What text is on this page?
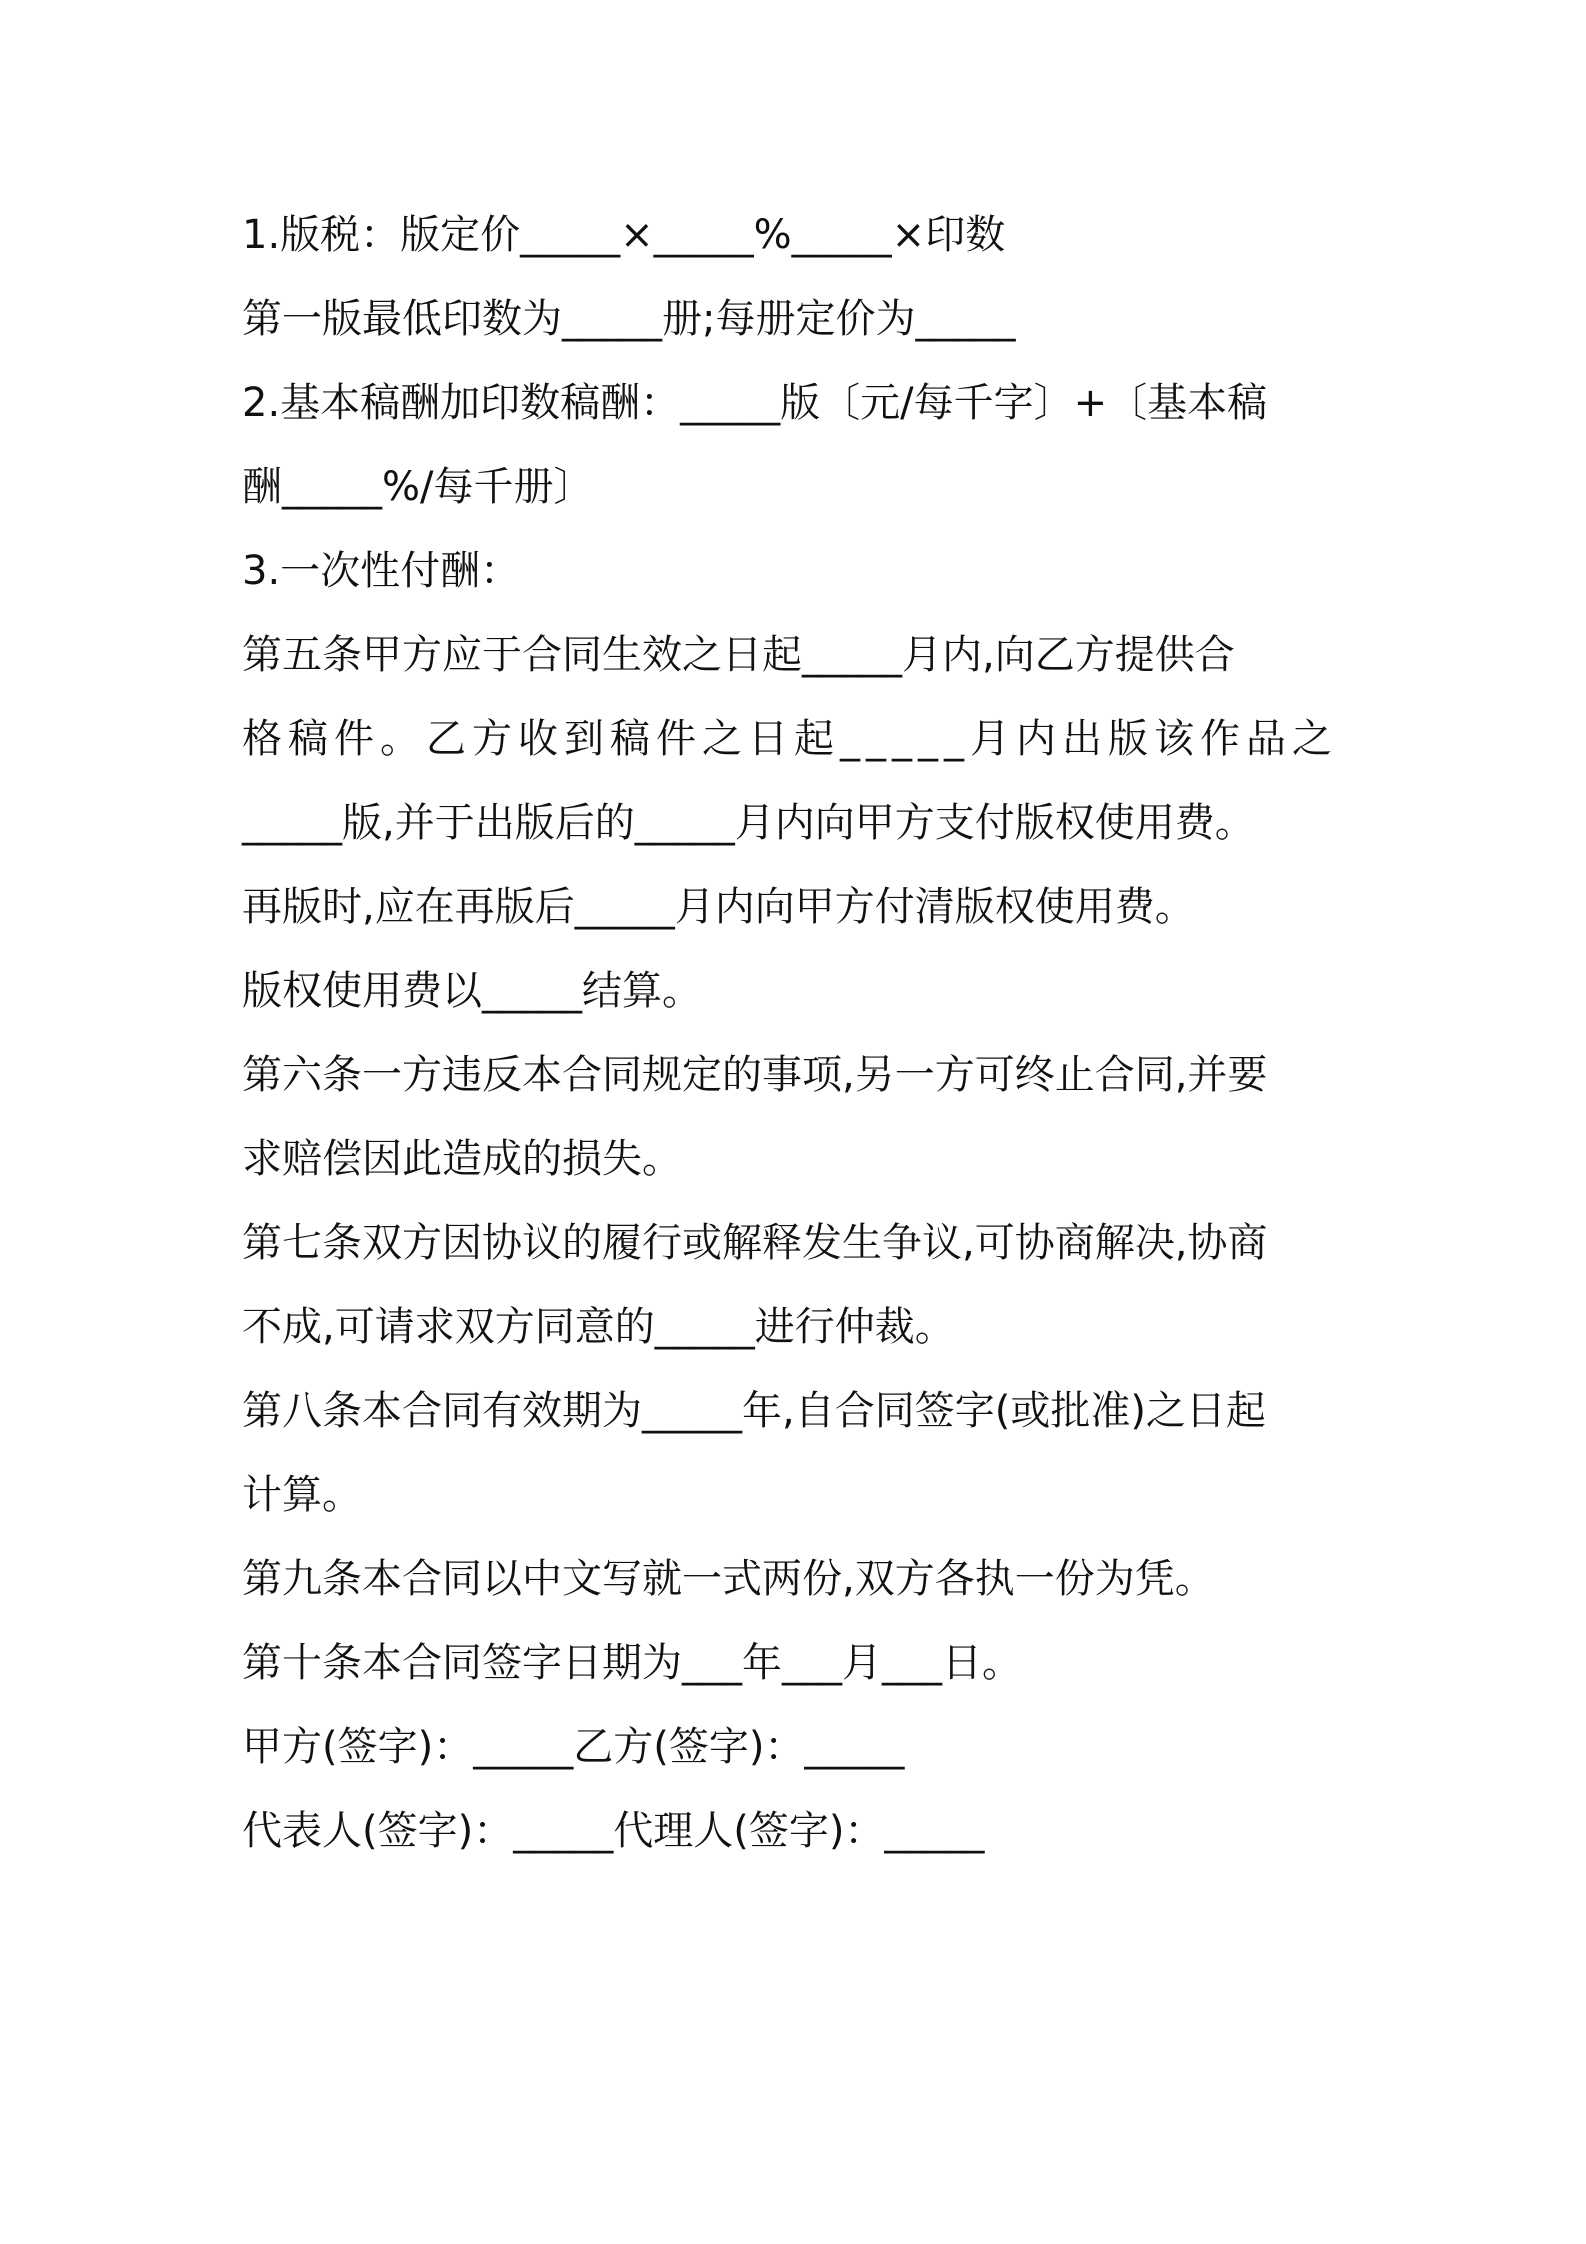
1.版税：版定价_____×_____%_____×印数
第一版最低印数为_____册;每册定价为_____
2.基本稿酬加印数稿酬：_____版〔元/每千字〕+〔基本稿
酬_____%/每千册〕
3.一次性付酬：
第五条甲方应于合同生效之日起_____月内,向乙方提供合
格稿件。乙方收到稿件之日起_____月内出版该作品之
_____版,并于出版后的_____月内向甲方支付版权使用费。
再版时,应在再版后_____月内向甲方付清版权使用费。
版权使用费以_____结算。
第六条一方违反本合同规定的事项,另一方可终止合同,并要
求赔偿因此造成的损失。
第七条双方因协议的履行或解释发生争议,可协商解决,协商
不成,可请求双方同意的_____进行仲裁。
第八条本合同有效期为_____年,自合同签字(或批准)之日起
计算。
第九条本合同以中文写就一式两份,双方各执一份为凭。
第十条本合同签字日期为___年___月___日。
甲方(签字)：_____乙方(签字)：_____
代表人(签字)：_____代理人(签字)：_____
